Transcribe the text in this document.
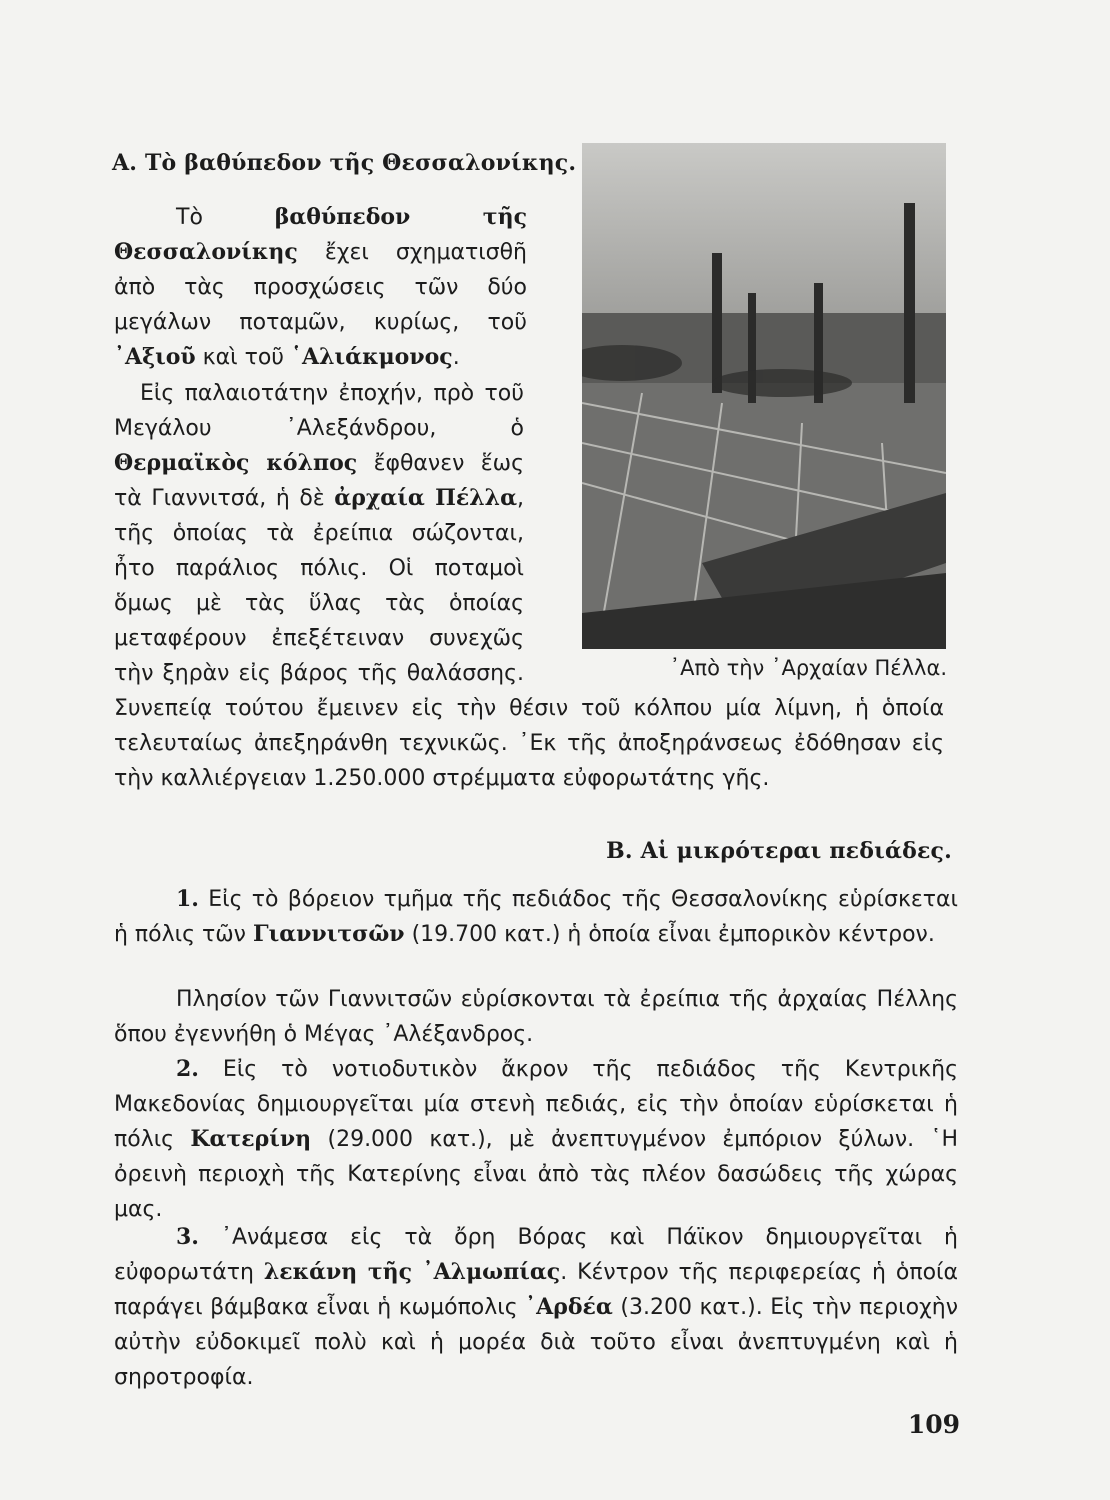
Α. Τὸ βαθύπεδον τῆς Θεσσαλονίκης.

Τὸ βαθύπεδον τῆς Θεσσαλονίκης ἔχει σχηματισθῆ ἀπὸ τὰς προσχώσεις τῶν δύο μεγάλων ποταμῶν, κυρίως, τοῦ ᾿Αξιοῦ καὶ τοῦ ῾Αλιάκμονος.

Εἰς παλαιοτάτην ἐποχήν, πρὸ τοῦ Μεγάλου ᾿Αλεξάνδρου, ὁ Θερμαϊκὸς κόλπος ἔφθανεν ἕως τὰ Γιαννιτσά, ἡ δὲ ἀρχαία Πέλλα, τῆς ὁποίας τὰ ἐρείπια σώζονται, ἦτο παράλιος πόλις. Οἱ ποταμοὶ ὅμως μὲ τὰς ὕλας τὰς ὁποίας μεταφέρουν ἐπεξέτειναν συνεχῶς τὴν ξηρὰν εἰς βάρος τῆς θαλάσσης. Συνεπείᾳ τούτου ἔμεινεν εἰς τὴν θέσιν τοῦ κόλπου μία λίμνη, ἡ ὁποία τελευταίως ἀπεξηράνθη τεχνικῶς. ᾿Εκ τῆς ἀποξηράνσεως ἐδόθησαν εἰς τὴν καλλιέργειαν 1.250.000 στρέμματα εὐφορωτάτης γῆς.

᾿Απὸ τὴν ᾿Αρχαίαν Πέλλα.

Β. Αἱ μικρότεραι πεδιάδες.

1. Εἰς τὸ βόρειον τμῆμα τῆς πεδιάδος τῆς Θεσσαλονίκης εὑρίσκεται ἡ πόλις τῶν Γιαννιτσῶν (19.700 κατ.) ἡ ὁποία εἶναι ἐμπορικὸν κέντρον.

Πλησίον τῶν Γιαννιτσῶν εὑρίσκονται τὰ ἐρείπια τῆς ἀρχαίας Πέλλης ὅπου ἐγεννήθη ὁ Μέγας ᾿Αλέξανδρος.

2. Εἰς τὸ νοτιοδυτικὸν ἄκρον τῆς πεδιάδος τῆς Κεντρικῆς Μακεδονίας δημιουργεῖται μία στενὴ πεδιάς, εἰς τὴν ὁποίαν εὑρίσκεται ἡ πόλις Κατερίνη (29.000 κατ.), μὲ ἀνεπτυγμένον ἐμπόριον ξύλων. ῾Η ὀρεινὴ περιοχὴ τῆς Κατερίνης εἶναι ἀπὸ τὰς πλέον δασώδεις τῆς χώρας μας.

3. ᾿Ανάμεσα εἰς τὰ ὄρη Βόρας καὶ Πάϊκον δημιουργεῖται ἡ εὐφορωτάτη λεκάνη τῆς ᾿Αλμωπίας. Κέντρον τῆς περιφερείας ἡ ὁποία παράγει βάμβακα εἶναι ἡ κωμόπολις ᾿Αρδέα (3.200 κατ.). Εἰς τὴν περιοχὴν αὐτὴν εὐδοκιμεῖ πολὺ καὶ ἡ μορέα διὰ τοῦτο εἶναι ἀνεπτυγμένη καὶ ἡ σηροτροφία.

109
